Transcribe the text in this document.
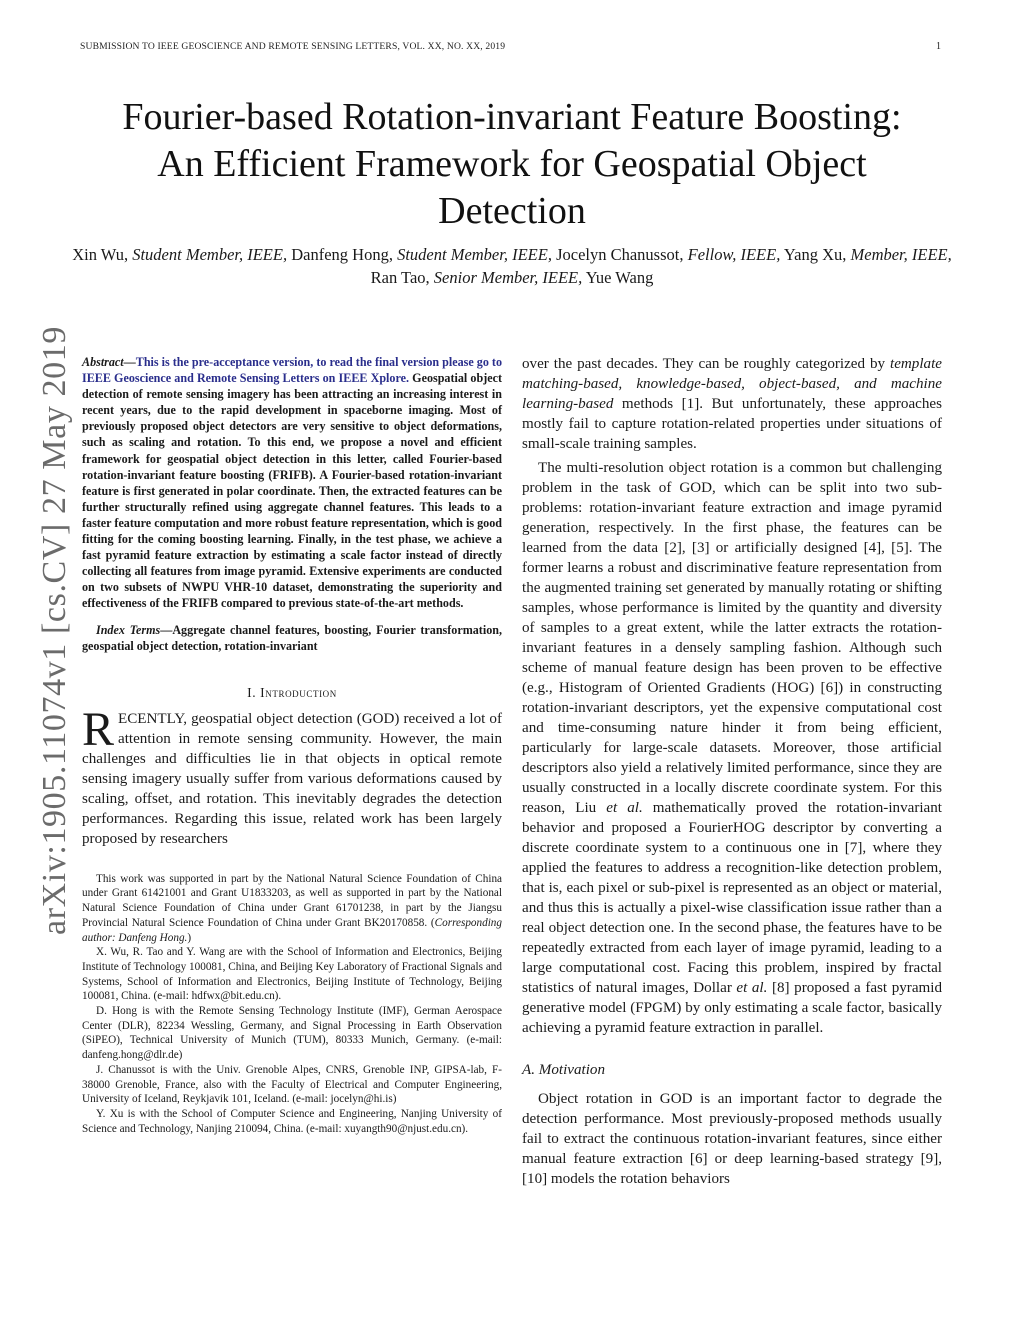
SUBMISSION TO IEEE GEOSCIENCE AND REMOTE SENSING LETTERS, VOL. XX, NO. XX, 2019	1
Fourier-based Rotation-invariant Feature Boosting:
An Efficient Framework for Geospatial Object
Detection
Xin Wu, Student Member, IEEE, Danfeng Hong, Student Member, IEEE, Jocelyn Chanussot, Fellow, IEEE, Yang Xu, Member, IEEE, Ran Tao, Senior Member, IEEE, Yue Wang
arXiv:1905.11074v1 [cs.CV] 27 May 2019 Abstract—This is the pre-acceptance version, to read the final version please go to IEEE Geoscience and Remote Sensing Letters on IEEE Xplore. Geospatial object detection of remote sensing imagery has been attracting an increasing interest in recent years, due to the rapid development in spaceborne imaging. Most of previously proposed object detectors are very sensitive to object deformations, such as scaling and rotation. To this end, we propose a novel and efficient framework for geospatial object detection in this letter, called Fourier-based rotation-invariant feature boosting (FRIFB). A Fourier-based rotation-invariant feature is first generated in polar coordinate. Then, the extracted features can be further structurally refined using aggregate channel features. This leads to a faster feature computation and more robust feature representation, which is good fitting for the coming boosting learning. Finally, in the test phase, we achieve a fast pyramid feature extraction by estimating a scale factor instead of directly collecting all features from image pyramid. Extensive experiments are conducted on two subsets of NWPU VHR-10 dataset, demonstrating the superiority and effectiveness of the FRIFB compared to previous state-of-the-art methods.

Index Terms—Aggregate channel features, boosting, Fourier transformation, geospatial object detection, rotation-invariant

I. Introduction

RECENTLY, geospatial object detection (GOD) received a lot of attention in remote sensing community. However, the main challenges and difficulties lie in that objects in optical remote sensing imagery usually suffer from various deformations caused by scaling, offset, and rotation. This inevitably degrades the detection performances. Regarding this issue, related work has been largely proposed by researchers

This work was supported in part by the National Natural Science Foundation of China under Grant 61421001 and Grant U1833203, as well as supported in part by the National Natural Science Foundation of China under Grant 61701238, in part by the Jiangsu Provincial Natural Science Foundation of China under Grant BK20170858. (Corresponding author: Danfeng Hong.)

X. Wu, R. Tao and Y. Wang are with the School of Information and Electronics, Beijing Institute of Technology 100081, China, and Beijing Key Laboratory of Fractional Signals and Systems, School of Information and Electronics, Beijing Institute of Technology, Beijing 100081, China. (e-mail: hdfwx@bit.edu.cn).

D. Hong is with the Remote Sensing Technology Institute (IMF), German Aerospace Center (DLR), 82234 Wessling, Germany, and Signal Processing in Earth Observation (SiPEO), Technical University of Munich (TUM), 80333 Munich, Germany. (e-mail: danfeng.hong@dlr.de)

J. Chanussot is with the Univ. Grenoble Alpes, CNRS, Grenoble INP, GIPSA-lab, F-38000 Grenoble, France, also with the Faculty of Electrical and Computer Engineering, University of Iceland, Reykjavik 101, Iceland. (e-mail: jocelyn@hi.is)

Y. Xu is with the School of Computer Science and Engineering, Nanjing University of Science and Technology, Nanjing 210094, China. (e-mail: xuyangth90@njust.edu.cn).

over the past decades. They can be roughly categorized by template matching-based, knowledge-based, object-based, and machine learning-based methods [1]. But unfortunately, these approaches mostly fail to capture rotation-related properties under situations of small-scale training samples.

The multi-resolution object rotation is a common but challenging problem in the task of GOD, which can be split into two sub-problems: rotation-invariant feature extraction and image pyramid generation, respectively. In the first phase, the features can be learned from the data [2], [3] or artificially designed [4], [5]. The former learns a robust and discriminative feature representation from the augmented training set generated by manually rotating or shifting samples, whose performance is limited by the quantity and diversity of samples to a great extent, while the latter extracts the rotation-invariant features in a densely sampling fashion. Although such scheme of manual feature design has been proven to be effective (e.g., Histogram of Oriented Gradients (HOG) [6]) in constructing rotation-invariant descriptors, yet the expensive computational cost and time-consuming nature hinder it from being efficient, particularly for large-scale datasets. Moreover, those artificial descriptors also yield a relatively limited performance, since they are usually constructed in a locally discrete coordinate system. For this reason, Liu et al. mathematically proved the rotation-invariant behavior and proposed a FourierHOG descriptor by converting a discrete coordinate system to a continuous one in [7], where they applied the features to address a recognition-like detection problem, that is, each pixel or sub-pixel is represented as an object or material, and thus this is actually a pixel-wise classification issue rather than a real object detection one. In the second phase, the features have to be repeatedly extracted from each layer of image pyramid, leading to a large computational cost. Facing this problem, inspired by fractal statistics of natural images, Dollar et al. [8] proposed a fast pyramid generative model (FPGM) by only estimating a scale factor, basically achieving a pyramid feature extraction in parallel.

A. Motivation

Object rotation in GOD is an important factor to degrade the detection performance. Most previously-proposed methods usually fail to extract the continuous rotation-invariant features, since either manual feature extraction [6] or deep learning-based strategy [9], [10] models the rotation behaviors
